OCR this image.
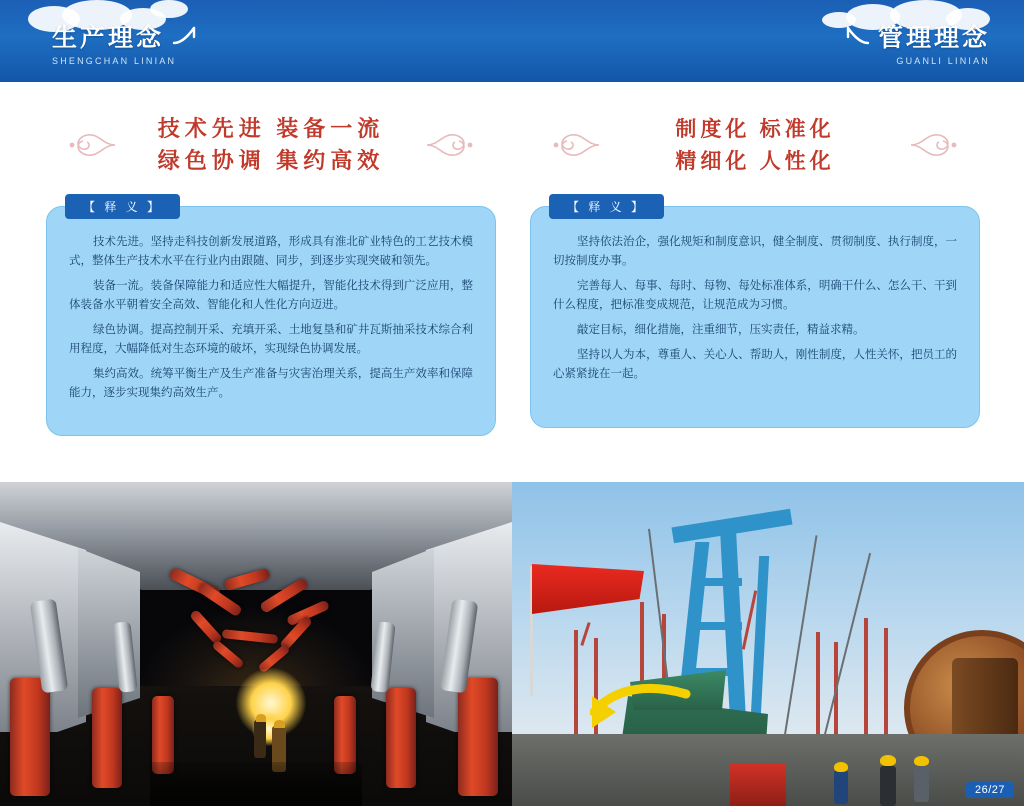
生产理念
SHENGCHAN LINIAN
管理理念
GUANLI LINIAN
技术先进 装备一流
绿色协调 集约高效
【 释 义 】

技术先进。坚持走科技创新发展道路，形成具有淮北矿业特色的工艺技术模式，整体生产技术水平在行业内由跟随、同步，到逐步实现突破和领先。

装备一流。装备保障能力和适应性大幅提升，智能化技术得到广泛应用，整体装备水平朝着安全高效、智能化和人性化方向迈进。

绿色协调。提高控制开采、充填开采、土地复垦和矿井瓦斯抽采技术综合利用程度，大幅降低对生态环境的破坏，实现绿色协调发展。

集约高效。统筹平衡生产及生产准备与灾害治理关系，提高生产效率和保障能力，逐步实现集约高效生产。

制度化 标准化
精细化 人性化
【 释 义 】

坚持依法治企，强化规矩和制度意识，健全制度、贯彻制度、执行制度，一切按制度办事。

完善每人、每事、每时、每物、每处标准体系，明确干什么、怎么干、干到什么程度，把标准变成规范，让规范成为习惯。

敲定目标，细化措施，注重细节，压实责任，精益求精。

坚持以人为本，尊重人、关心人、帮助人，刚性制度，人性关怀，把员工的心紧紧拢在一起。

26/27
